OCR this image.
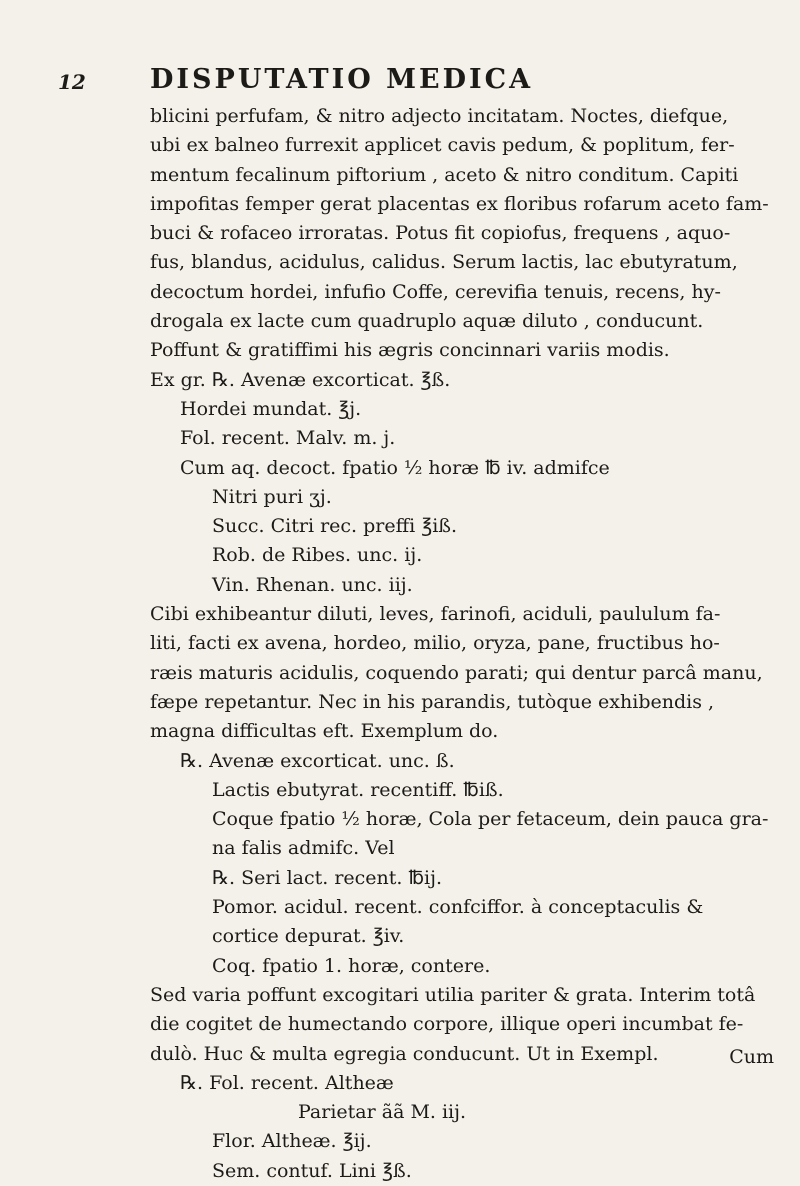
12 DISPUTATIO MEDICA
blicini perfufam, & nitro adjecto incitatam. Noctes, diefque,
ubi ex balneo furrexit applicet cavis pedum, & poplitum, fer-
mentum fecalinum piftorium , aceto & nitro conditum. Capiti
impofitas femper gerat placentas ex floribus rofarum aceto fam-
buci & rofaceo irroratas. Potus fit copiofus, frequens , aquo-
fus, blandus, acidulus, calidus. Serum lactis, lac ebutyratum,
decoctum hordei, infufio Coffe, cerevifia tenuis, recens, hy-
drogala ex lacte cum quadruplo aquæ diluto , conducunt.
Poffunt & gratiffimi his ægris concinnari variis modis.
Ex gr. ℞. Avenæ excorticat. ℥ß.
Hordei mundat. ℥j.
Fol. recent. Malv. m. j.
Cum aq. decoct. fpatio ½ horæ ℔ iv. admifce
Nitri puri ʒj.
Succ. Citri rec. preffi ℥iß.
Rob. de Ribes. unc. ij.
Vin. Rhenan. unc. iij.
Cibi exhibeantur diluti, leves, farinofi, aciduli, paululum fa-
liti, facti ex avena, hordeo, milio, oryza, pane, fructibus ho-
ræis maturis acidulis, coquendo parati; qui dentur parcâ manu,
fæpe repetantur. Nec in his parandis, tutòque exhibendis ,
magna difficultas eft. Exemplum do.
℞. Avenæ excorticat. unc. ß.
Lactis ebutyrat. recentiff. ℔iß.
Coque fpatio ½ horæ, Cola per fetaceum, dein pauca gra-
na falis admifc. Vel
℞. Seri lact. recent. ℔ij.
Pomor. acidul. recent. confciffor. à conceptaculis &
cortice depurat. ℥iv.
Coq. fpatio 1. horæ, contere.
Sed varia poffunt excogitari utilia pariter & grata. Interim totâ
die cogitet de humectando corpore, illique operi incumbat fe-
dulò. Huc & multa egregia conducunt. Ut in Exempl.
℞. Fol. recent. Altheæ
Parietar ãã M. iij.
Flor. Altheæ. ℥ij.
Sem. contuf. Lini ℥ß.
Cum
